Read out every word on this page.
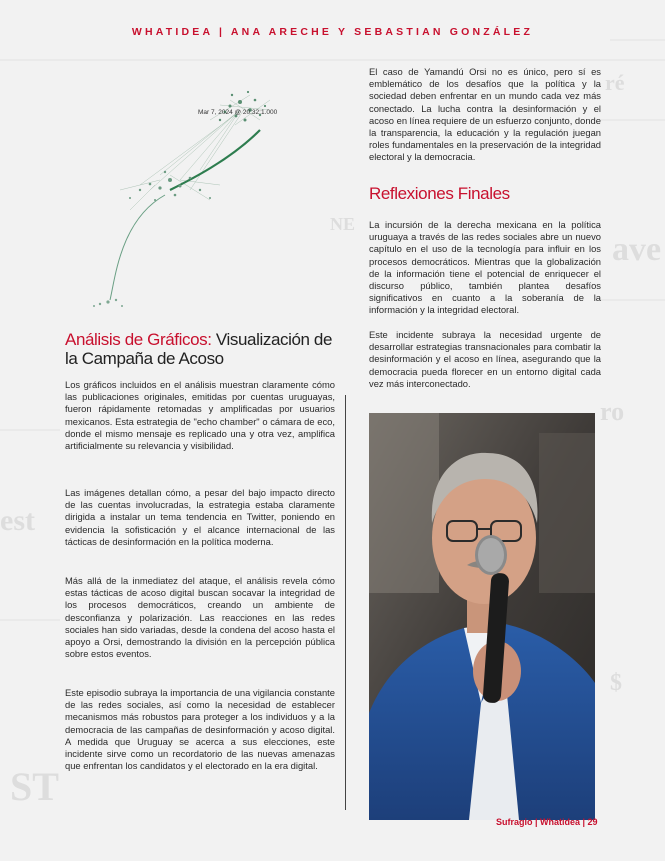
ave
est
ro
$
ST
ré
NE
WHATIDEA | ANA ARECHE Y SEBASTIAN GONZÁLEZ
Mar 7, 2024 @ 20:32:1.000
Análisis de Gráficos: Visualización de la Campaña de Acoso

Los gráficos incluidos en el análisis muestran claramente cómo las publicaciones originales, emitidas por cuentas uruguayas, fueron rápidamente retomadas y amplificadas por usuarios mexicanos. Esta estrategia de "echo chamber" o cámara de eco, donde el mismo mensaje es replicado una y otra vez, amplifica artificialmente su relevancia y visibilidad.

Las imágenes detallan cómo, a pesar del bajo impacto directo de las cuentas involucradas, la estrategia estaba claramente dirigida a instalar un tema tendencia en Twitter, poniendo en evidencia la sofisticación y el alcance internacional de las tácticas de desinformación en la política moderna.

Más allá de la inmediatez del ataque, el análisis revela cómo estas tácticas de acoso digital buscan socavar la integridad de los procesos democráticos, creando un ambiente de desconfianza y polarización. Las reacciones en las redes sociales han sido variadas, desde la condena del acoso hasta el apoyo a Orsi, demostrando la división en la percepción pública sobre estos eventos.

Este episodio subraya la importancia de una vigilancia constante de las redes sociales, así como la necesidad de establecer mecanismos más robustos para proteger a los individuos y a la democracia de las campañas de desinformación y acoso digital. A medida que Uruguay se acerca a sus elecciones, este incidente sirve como un recordatorio de las nuevas amenazas que enfrentan los candidatos y el electorado en la era digital.

El caso de Yamandú Orsi no es único, pero sí es emblemático de los desafíos que la política y la sociedad deben enfrentar en un mundo cada vez más conectado. La lucha contra la desinformación y el acoso en línea requiere de un esfuerzo conjunto, donde la transparencia, la educación y la regulación juegan roles fundamentales en la preservación de la integridad electoral y la democracia.

Reflexiones Finales

La incursión de la derecha mexicana en la política uruguaya a través de las redes sociales abre un nuevo capítulo en el uso de la tecnología para influir en los procesos democráticos. Mientras que la globalización de la información tiene el potencial de enriquecer el discurso público, también plantea desafíos significativos en cuanto a la soberanía de la información y la integridad electoral.

Este incidente subraya la necesidad urgente de desarrollar estrategias transnacionales para combatir la desinformación y el acoso en línea, asegurando que la democracia pueda florecer en un entorno digital cada vez más interconectado.

Sufragio | Whatidea | 29
